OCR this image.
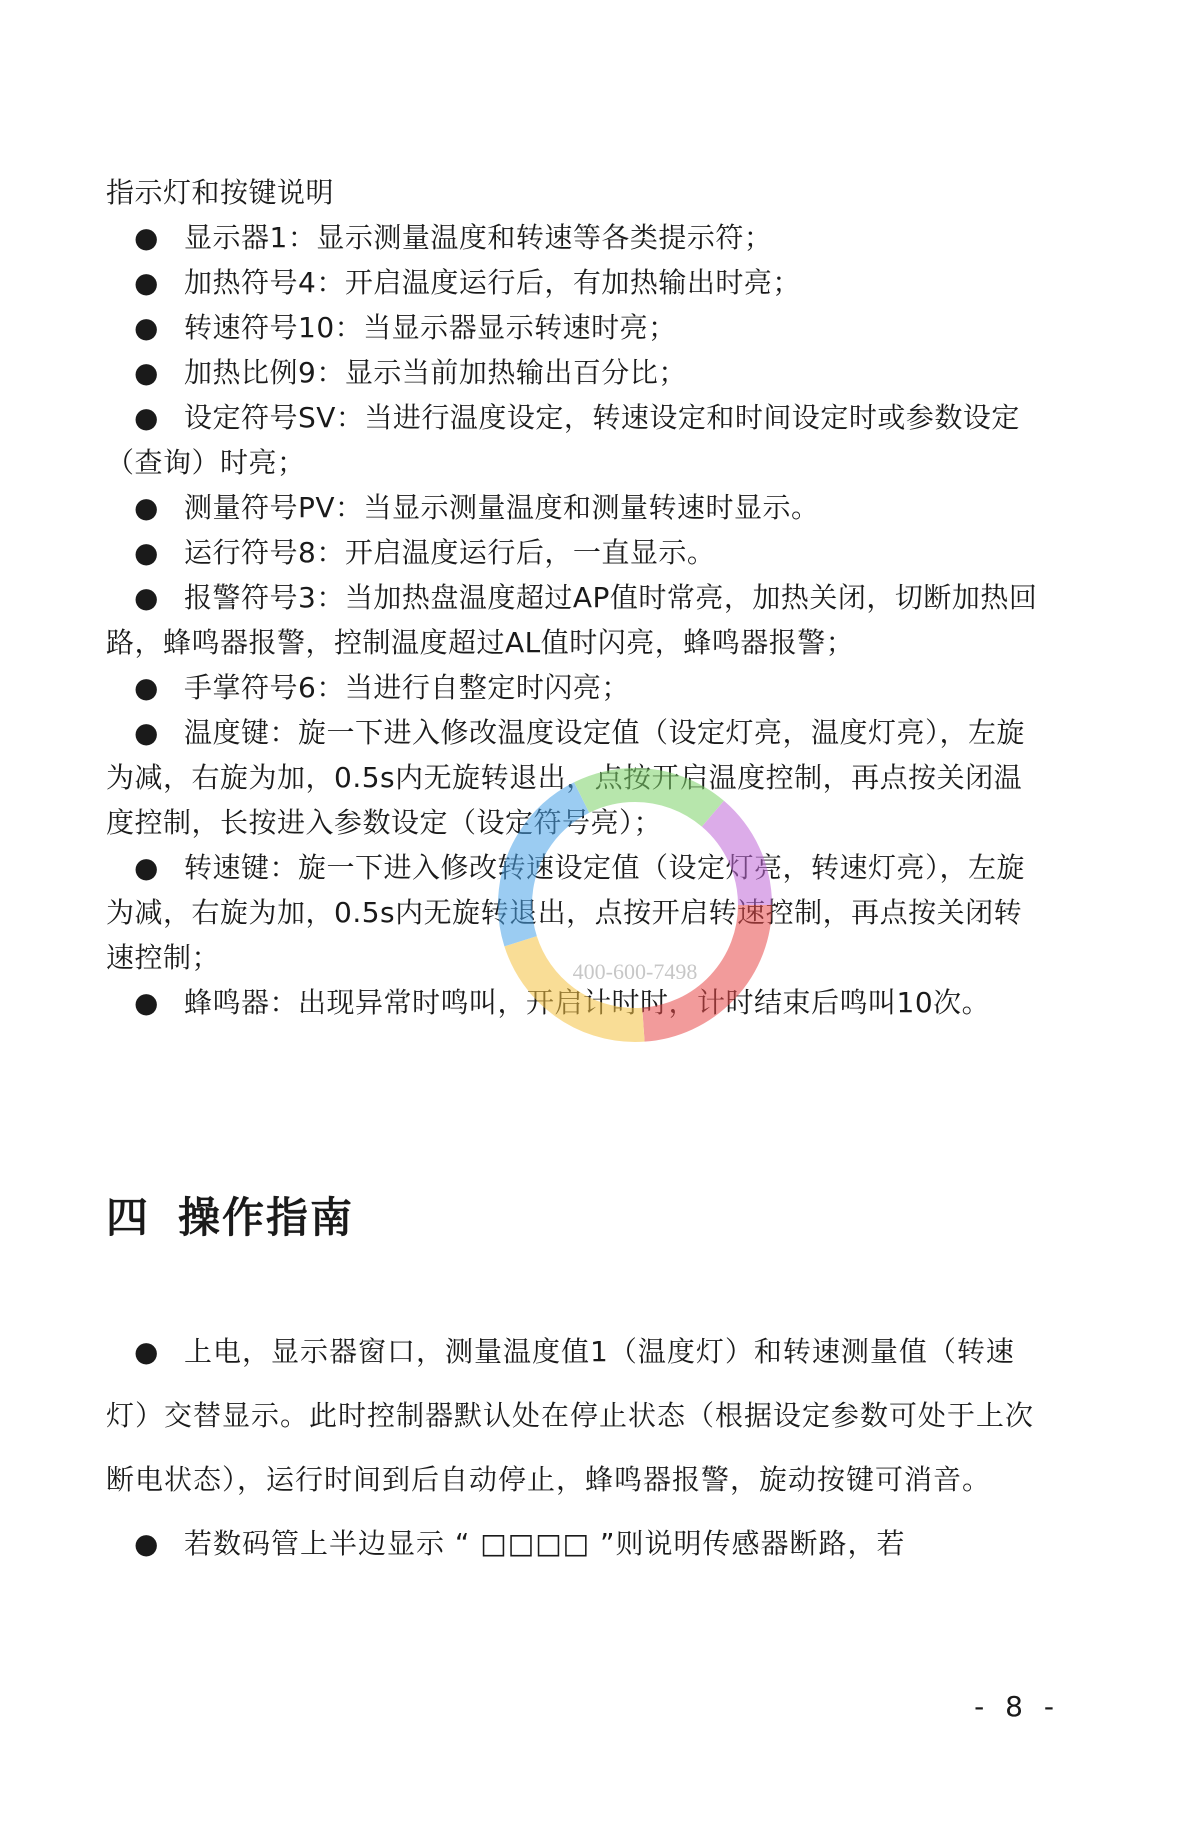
指示灯和按键说明

● 显示器1：显示测量温度和转速等各类提示符；
● 加热符号4：开启温度运行后，有加热输出时亮；
● 转速符号10：当显示器显示转速时亮；
● 加热比例9：显示当前加热输出百分比；
● 设定符号SV：当进行温度设定，转速设定和时间设定时或参数设定（查询）时亮；
● 测量符号PV：当显示测量温度和测量转速时显示。
● 运行符号8：开启温度运行后，一直显示。
● 报警符号3：当加热盘温度超过AP值时常亮，加热关闭，切断加热回路，蜂鸣器报警，控制温度超过AL值时闪亮，蜂鸣器报警；
● 手掌符号6：当进行自整定时闪亮；
● 温度键：旋一下进入修改温度设定值（设定灯亮，温度灯亮），左旋为减，右旋为加，0.5s内无旋转退出，点按开启温度控制，再点按关闭温度控制，长按进入参数设定（设定符号亮）；
● 转速键：旋一下进入修改转速设定值（设定灯亮，转速灯亮），左旋为减，右旋为加，0.5s内无旋转退出，点按开启转速控制，再点按关闭转速控制；
● 蜂鸣器：出现异常时鸣叫，开启计时时，计时结束后鸣叫10次。
400-600-7498
四 操作指南

● 上电，显示器窗口，测量温度值1（温度灯）和转速测量值（转速灯）交替显示。此时控制器默认处在停止状态（根据设定参数可处于上次断电状态），运行时间到后自动停止，蜂鸣器报警，旋动按键可消音。

● 若数码管上半边显示 “ □□□□ ”则说明传感器断路，若

- 8 -
